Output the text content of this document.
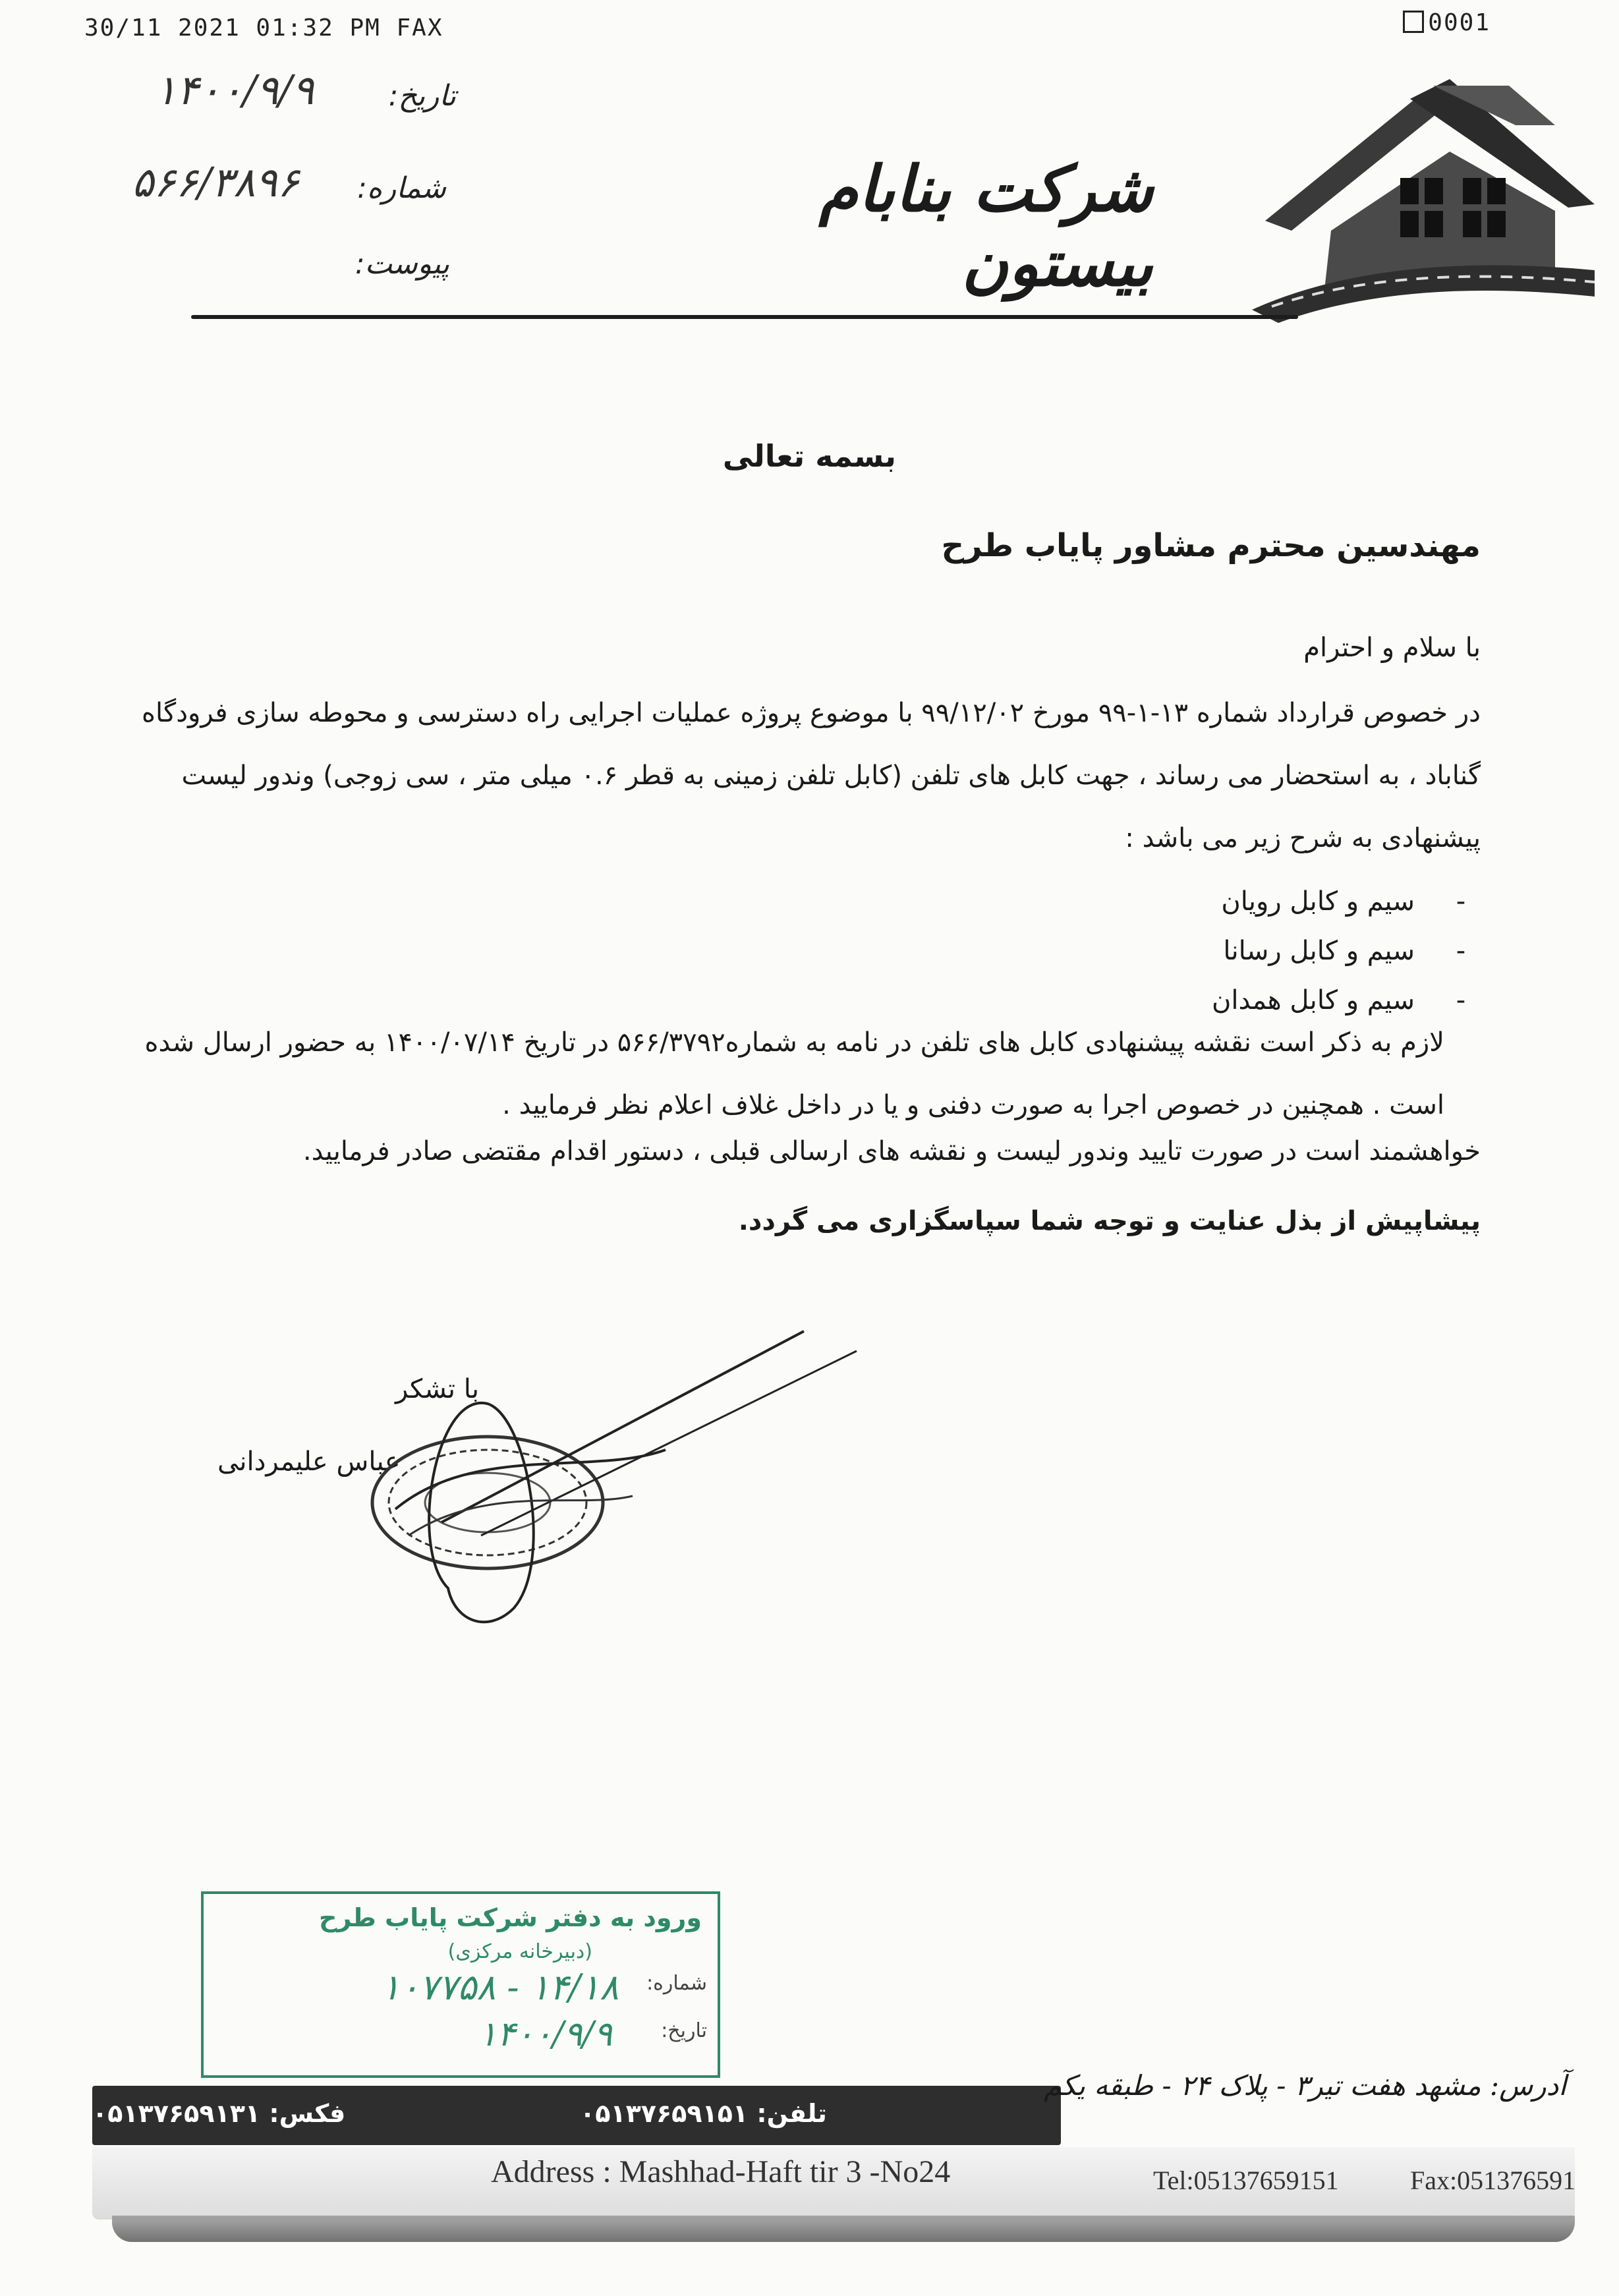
30/11 2021 01:32 PM FAX	0001
تاریخ:
۱۴۰۰/۹/۹
شماره:
۵۶۶/۳۸۹۶
پیوست:
شرکت بنابام بیستون
بسمه تعالی
مهندسین محترم مشاور پایاب طرح
با سلام و احترام
در خصوص قرارداد شماره ۱۳-۱-۹۹ مورخ ۹۹/۱۲/۰۲ با موضوع پروژه عملیات اجرایی راه دسترسی و محوطه سازی فرودگاه گناباد ، به استحضار می رساند ، جهت کابل های تلفن (کابل تلفن زمینی به قطر ۰.۶ میلی متر ، سی زوجی) وندور لیست پیشنهادی به شرح زیر می باشد :
-سیم و کابل رویان
-سیم و کابل رسانا
-سیم و کابل همدان
لازم به ذکر است نقشه پیشنهادی کابل های تلفن در نامه به شماره۵۶۶/۳۷۹۲ در تاریخ ۱۴۰۰/۰۷/۱۴ به حضور ارسال شده است . همچنین در خصوص اجرا به صورت دفنی و یا در داخل غلاف اعلام نظر فرمایید .
خواهشمند است در صورت تایید وندور لیست و نقشه های ارسالی قبلی ، دستور اقدام مقتضی صادر فرمایید.
پیشاپیش از بذل عنایت و توجه شما سپاسگزاری می گردد.
با تشکر
عباس علیمردانی
ورود به دفتر شرکت پایاب طرح
(دبیرخانه مرکزی)
شماره:
۱۰۷۷۵۸ - ۱۴/۱۸
تاریخ:
۱۴۰۰/۹/۹
فکس: ۰۵۱۳۷۶۵۹۱۳۱	تلفن: ۰۵۱۳۷۶۵۹۱۵۱
آدرس: مشهد هفت تیر۳ - پلاک ۲۴ - طبقه یکم
Address : Mashhad-Haft tir 3 -No24	Tel:05137659151	Fax:051376591
